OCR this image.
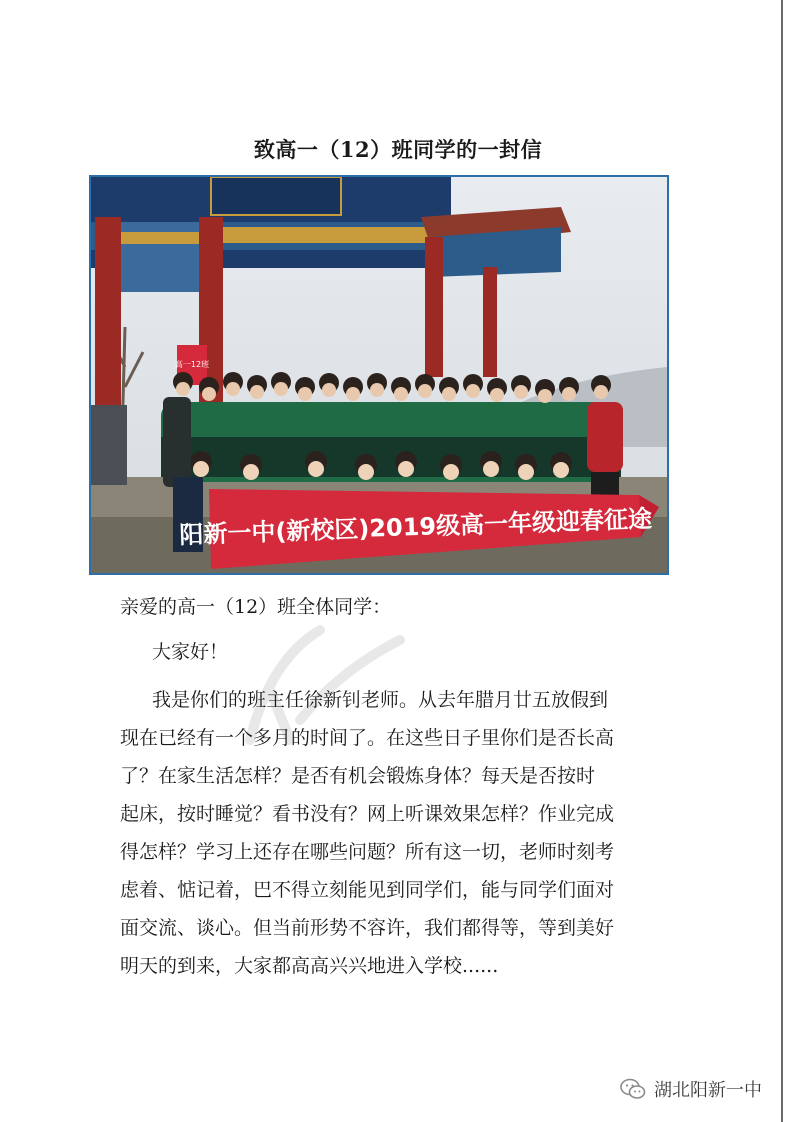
致高一（12）班同学的一封信
高一12班
阳新一中(新校区)2019级高一年级迎春征途
亲爱的高一（12）班全体同学：
大家好！
我是你们的班主任徐新钊老师。从去年腊月廿五放假到
现在已经有一个多月的时间了。在这些日子里你们是否长高
了？在家生活怎样？是否有机会锻炼身体？每天是否按时
起床，按时睡觉？看书没有？网上听课效果怎样？作业完成
得怎样？学习上还存在哪些问题？所有这一切，老师时刻考
虑着、惦记着，巴不得立刻能见到同学们，能与同学们面对
面交流、谈心。但当前形势不容许，我们都得等，等到美好
明天的到来，大家都高高兴兴地进入学校......
湖北阳新一中
